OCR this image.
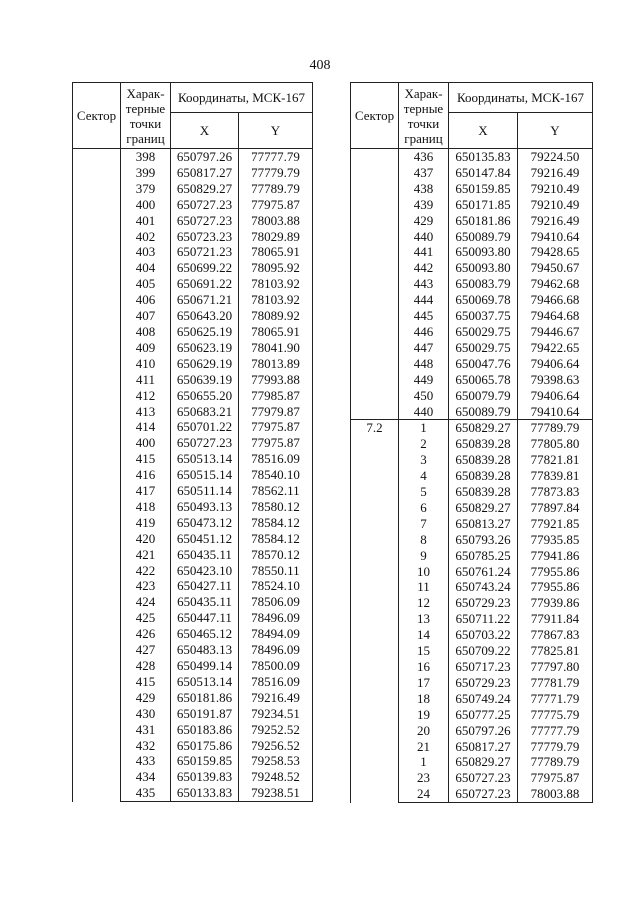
408
Сектор	Харак-
терные
точки
границ	Координаты, МСК-167	
		X	Y
	398	650797.26	77777.79
	399	650817.27	77779.79
	379	650829.27	77789.79
	400	650727.23	77975.87
	401	650727.23	78003.88
	402	650723.23	78029.89
	403	650721.23	78065.91
	404	650699.22	78095.92
	405	650691.22	78103.92
	406	650671.21	78103.92
	407	650643.20	78089.92
	408	650625.19	78065.91
	409	650623.19	78041.90
	410	650629.19	78013.89
	411	650639.19	77993.88
	412	650655.20	77985.87
	413	650683.21	77979.87
	414	650701.22	77975.87
	400	650727.23	77975.87
	415	650513.14	78516.09
	416	650515.14	78540.10
	417	650511.14	78562.11
	418	650493.13	78580.12
	419	650473.12	78584.12
	420	650451.12	78584.12
	421	650435.11	78570.12
	422	650423.10	78550.11
	423	650427.11	78524.10
	424	650435.11	78506.09
	425	650447.11	78496.09
	426	650465.12	78494.09
	427	650483.13	78496.09
	428	650499.14	78500.09
	415	650513.14	78516.09
	429	650181.86	79216.49
	430	650191.87	79234.51
	431	650183.86	79252.52
	432	650175.86	79256.52
	433	650159.85	79258.53
	434	650139.83	79248.52
	435	650133.83	79238.51
Сектор	Харак-
терные
точки
границ	Координаты, МСК-167	
		X	Y
	436	650135.83	79224.50
	437	650147.84	79216.49
	438	650159.85	79210.49
	439	650171.85	79210.49
	429	650181.86	79216.49
	440	650089.79	79410.64
	441	650093.80	79428.65
	442	650093.80	79450.67
	443	650083.79	79462.68
	444	650069.78	79466.68
	445	650037.75	79464.68
	446	650029.75	79446.67
	447	650029.75	79422.65
	448	650047.76	79406.64
	449	650065.78	79398.63
	450	650079.79	79406.64
	440	650089.79	79410.64
7.2	1	650829.27	77789.79
	2	650839.28	77805.80
	3	650839.28	77821.81
	4	650839.28	77839.81
	5	650839.28	77873.83
	6	650829.27	77897.84
	7	650813.27	77921.85
	8	650793.26	77935.85
	9	650785.25	77941.86
	10	650761.24	77955.86
	11	650743.24	77955.86
	12	650729.23	77939.86
	13	650711.22	77911.84
	14	650703.22	77867.83
	15	650709.22	77825.81
	16	650717.23	77797.80
	17	650729.23	77781.79
	18	650749.24	77771.79
	19	650777.25	77775.79
	20	650797.26	77777.79
	21	650817.27	77779.79
	1	650829.27	77789.79
	23	650727.23	77975.87
	24	650727.23	78003.88
